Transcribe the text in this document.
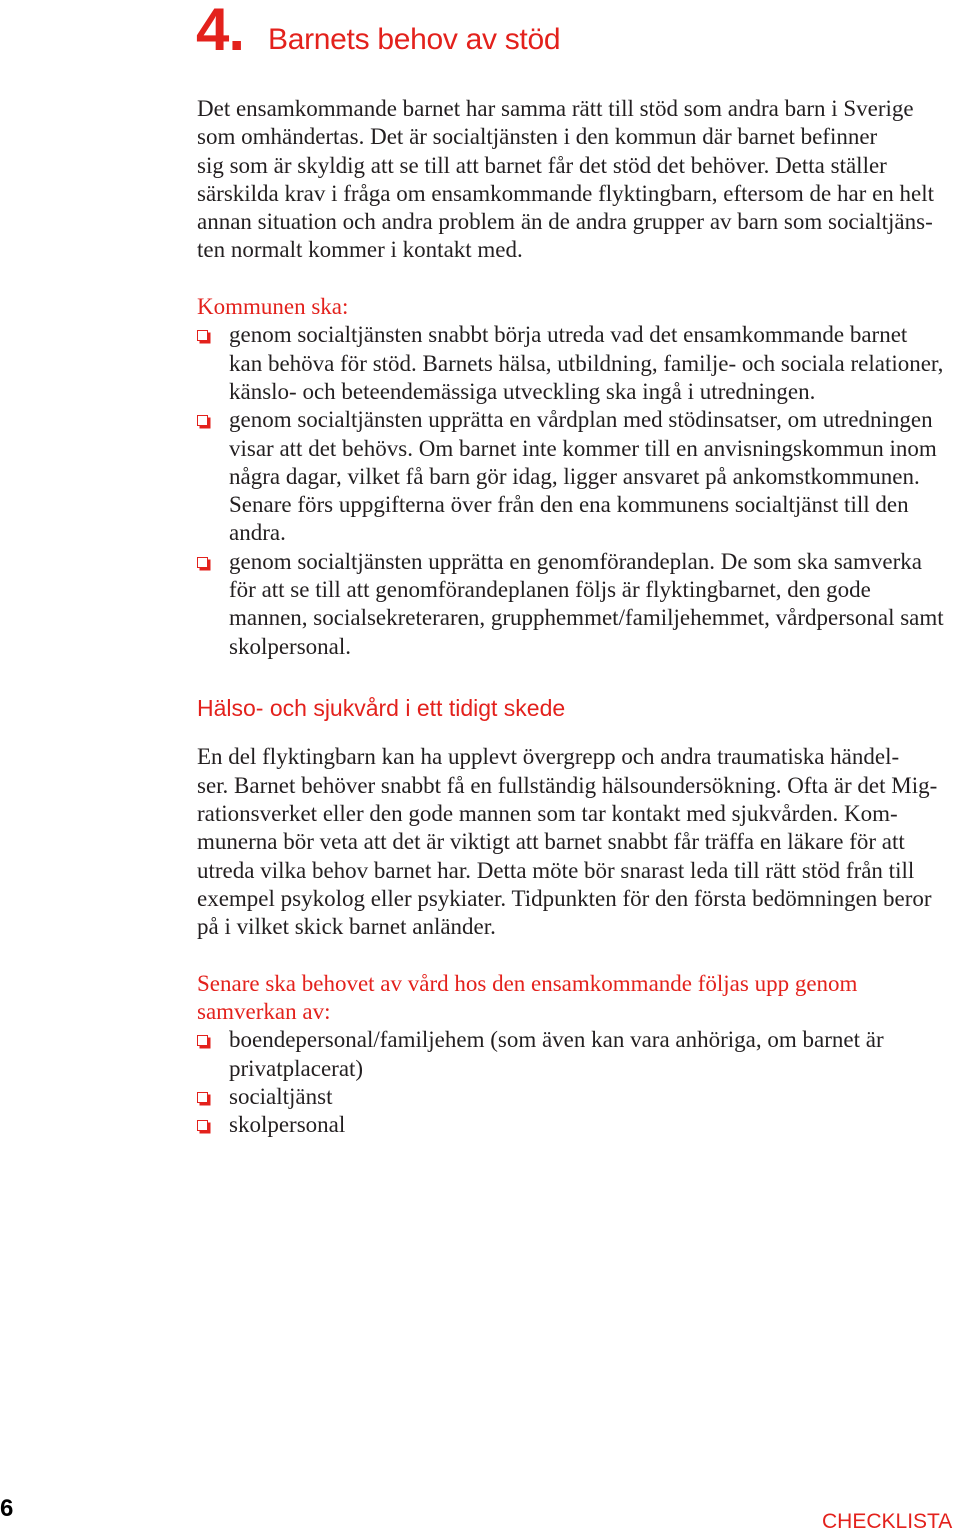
4. Barnets behov av stöd
Det ensamkommande barnet har samma rätt till stöd som andra barn i Sverige
som omhändertas. Det är socialtjänsten i den kommun där barnet befinner
sig som är skyldig att se till att barnet får det stöd det behöver. Detta ställer
särskilda krav i fråga om ensamkommande flyktingbarn, eftersom de har en helt
annan situation och andra problem än de andra grupper av barn som socialtjäns-
ten normalt kommer i kontakt med.
Kommunen ska:
genom socialtjänsten snabbt börja utreda vad det ensamkommande barnet
kan behöva för stöd. Barnets hälsa, utbildning, familje- och sociala relationer,
känslo- och beteendemässiga utveckling ska ingå i utredningen.
genom socialtjänsten upprätta en vårdplan med stödinsatser, om utredningen
visar att det behövs. Om barnet inte kommer till en anvisningskommun inom
några dagar, vilket få barn gör idag, ligger ansvaret på ankomstkommunen.
Senare förs uppgifterna över från den ena kommunens socialtjänst till den
andra.
genom socialtjänsten upprätta en genomförandeplan. De som ska samverka
för att se till att genomförandeplanen följs är flyktingbarnet, den gode
mannen, socialsekreteraren, grupphemmet/familjehemmet, vårdpersonal samt
skolpersonal.
Hälso- och sjukvård i ett tidigt skede
En del flyktingbarn kan ha upplevt övergrepp och andra traumatiska händel-
ser. Barnet behöver snabbt få en fullständig hälsoundersökning. Ofta är det Mig-
rationsverket eller den gode mannen som tar kontakt med sjukvården. Kom-
munerna bör veta att det är viktigt att barnet snabbt får träffa en läkare för att
utreda vilka behov barnet har. Detta möte bör snarast leda till rätt stöd från till
exempel psykolog eller psykiater. Tidpunkten för den första bedömningen beror
på i vilket skick barnet anländer.
Senare ska behovet av vård hos den ensamkommande följas upp genom
samverkan av:
boendepersonal/familjehem (som även kan vara anhöriga, om barnet är
privatplacerat)
socialtjänst
skolpersonal
6	CHECKLISTA
